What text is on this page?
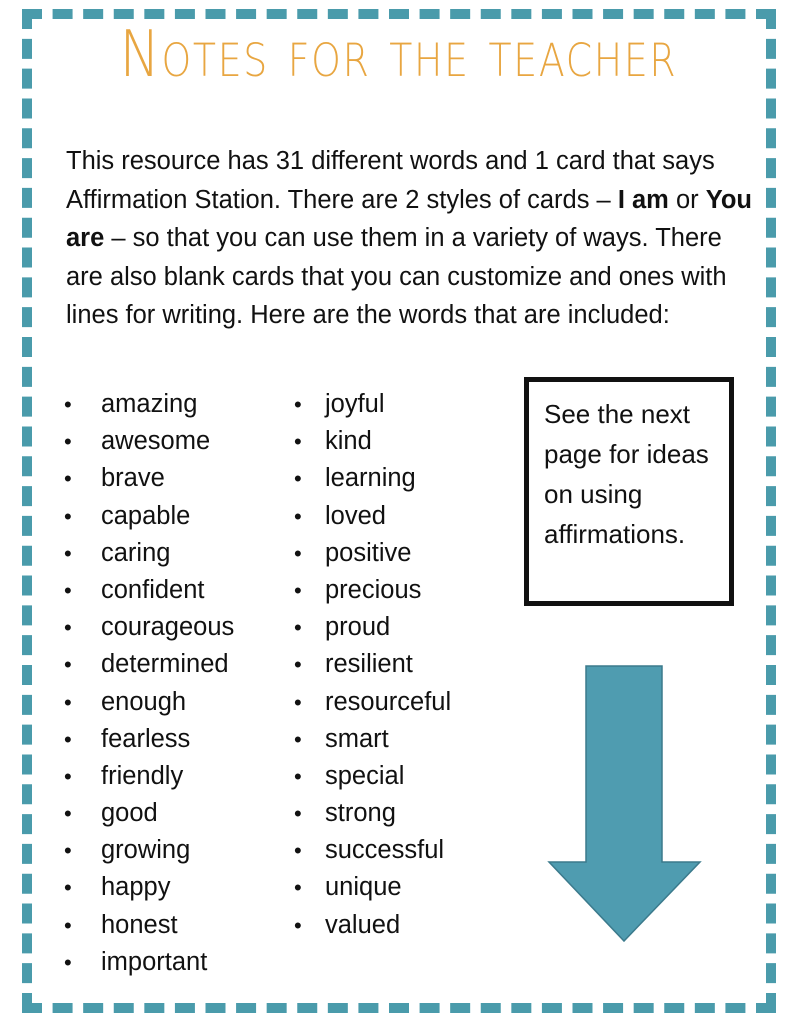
Notes for the teacher
This resource has 31 different words and 1 card that says Affirmation Station. There are 2 styles of cards – I am or You are – so that you can use them in a variety of ways. There are also blank cards that you can customize and ones with lines for writing. Here are the words that are included:
• amazing
• awesome
• brave
• capable
• caring
• confident
• courageous
• determined
• enough
• fearless
• friendly
• good
• growing
• happy
• honest
• important
• joyful
• kind
• learning
• loved
• positive
• precious
• proud
• resilient
• resourceful
• smart
• special
• strong
• successful
• unique
• valued
See the next page for ideas on using affirmations.
